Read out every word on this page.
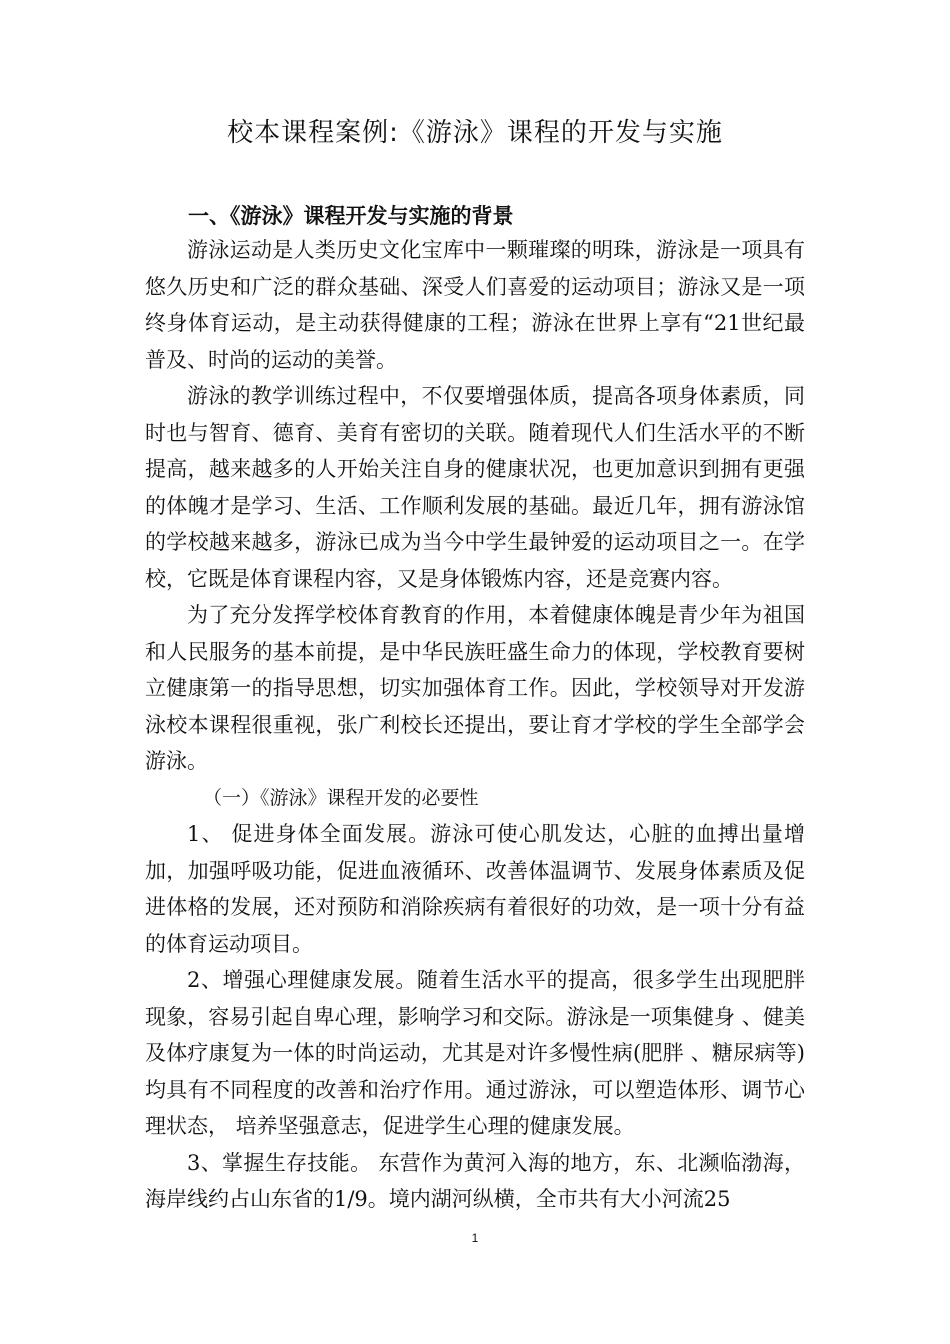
校本课程案例:《游泳》课程的开发与实施
一、《游泳》课程开发与实施的背景

游泳运动是人类历史文化宝库中一颗璀璨的明珠，游泳是一项具有悠久历史和广泛的群众基础、深受人们喜爱的运动项目；游泳又是一项终身体育运动，是主动获得健康的工程；游泳在世界上享有“21世纪最普及、时尚的运动的美誉。

游泳的教学训练过程中，不仅要增强体质，提高各项身体素质，同时也与智育、德育、美育有密切的关联。随着现代人们生活水平的不断提高，越来越多的人开始关注自身的健康状况，也更加意识到拥有更强的体魄才是学习、生活、工作顺利发展的基础。最近几年，拥有游泳馆的学校越来越多，游泳已成为当今中学生最钟爱的运动项目之一。在学校，它既是体育课程内容，又是身体锻炼内容，还是竞赛内容。

为了充分发挥学校体育教育的作用，本着健康体魄是青少年为祖国和人民服务的基本前提，是中华民族旺盛生命力的体现，学校教育要树立健康第一的指导思想，切实加强体育工作。因此，学校领导对开发游泳校本课程很重视，张广利校长还提出，要让育才学校的学生全部学会游泳。

（一）《游泳》课程开发的必要性

1、 促进身体全面发展。游泳可使心肌发达，心脏的血搏出量增加，加强呼吸功能，促进血液循环、改善体温调节、发展身体素质及促进体格的发展，还对预防和消除疾病有着很好的功效，是一项十分有益的体育运动项目。

2、增强心理健康发展。随着生活水平的提高，很多学生出现肥胖现象，容易引起自卑心理，影响学习和交际。游泳是一项集健身 、健美及体疗康复为一体的时尚运动，尤其是对许多慢性病(肥胖 、糖尿病等)均具有不同程度的改善和治疗作用。通过游泳，可以塑造体形、调节心理状态， 培养坚强意志，促进学生心理的健康发展。

3、掌握生存技能。 东营作为黄河入海的地方，东、北濒临渤海，海岸线约占山东省的1/9。境内湖河纵横，全市共有大小河流25

1
